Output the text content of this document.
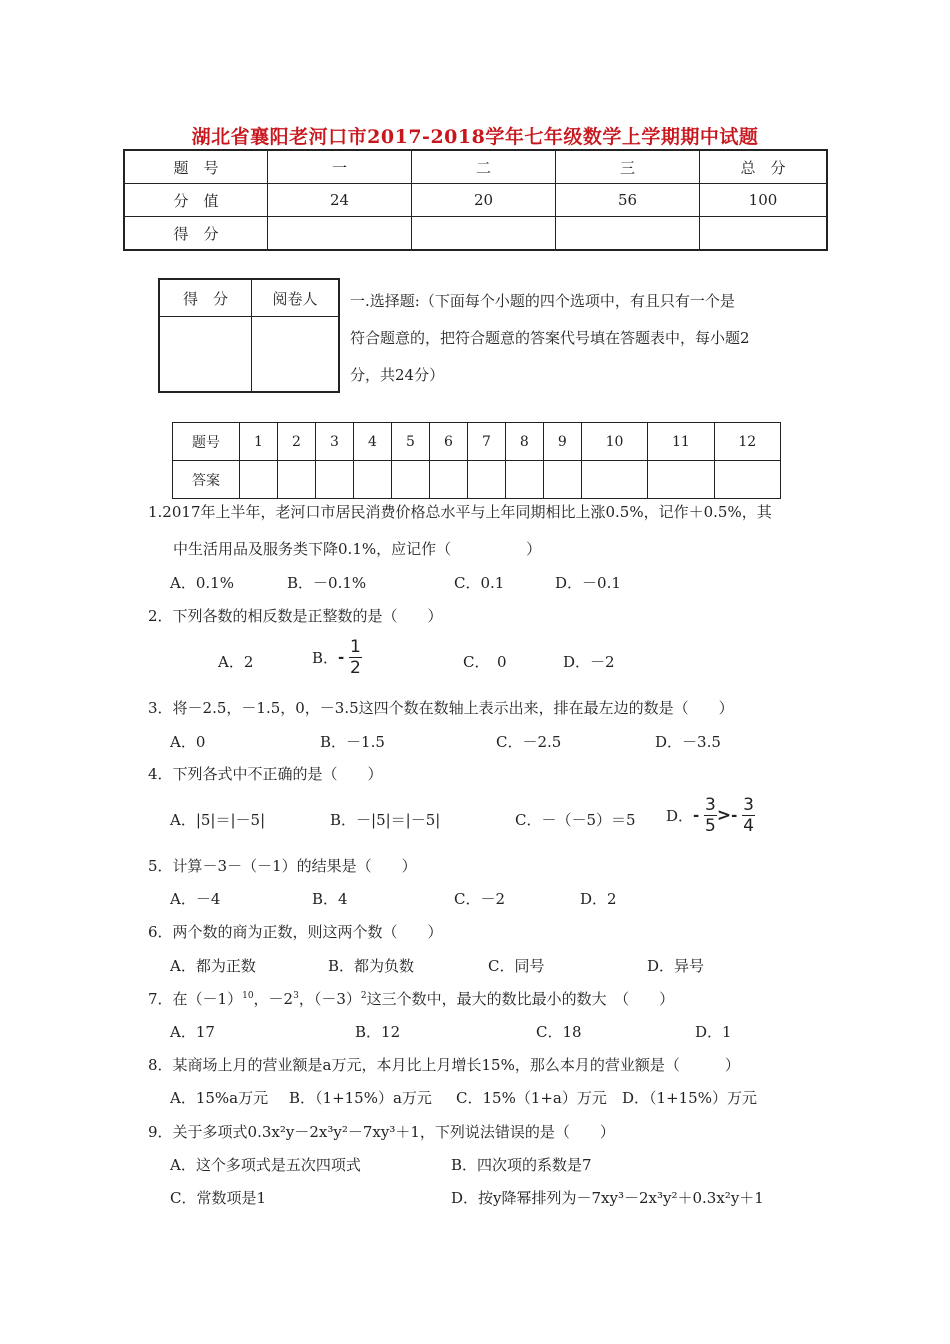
湖北省襄阳老河口市2017-2018学年七年级数学上学期期中试题
题　号	一	二	三	总　分
分　值	24	20	56	100
得　分				
得　分	阅卷人
	一.选择题:（下面每个小题的四个选项中，有且只有一个是
符合题意的，把符合题意的答案代号填在答题表中，每小题2
分，共24分）
题号	1	2	3	4	5	6	7	8	9	10	11	12
答案												
1.2017年上半年，老河口市居民消费价格总水平与上年同期相比上涨0.5%，记作＋0.5%，其
中生活用品及服务类下降0.1%，应记作（　　　　　）
A．0.1%	B．－0.1%	C．0.1	D．－0.1
2．下列各数的相反数是正整数的是（　　）
A．2	B．- $\frac{1}{2}$	C．　0	D．－2
3．将－2.5，－1.5，0，－3.5这四个数在数轴上表示出来，排在最左边的数是（　　）
A．0	B．－1.5	C．－2.5	D．－3.5
4．下列各式中不正确的是（　　）
A．|5|＝|－5|	B．－|5|＝|－5|	C．－（－5）＝5 D．- $\frac{3}{5} >- \frac{3}{4}$
5．计算－3－（－1）的结果是（　　）
A．－4	B．4	C．－2	D．2
6．两个数的商为正数，则这两个数（　　）
A．都为正数	B．都为负数	C．同号	D．异号
7．在$(-1)^{10}$，$-2^3$，$(-3)^2$这三个数中，最大的数比最小的数大　（　　）
A．17	B．12	C．18	D．1
8．某商场上月的营业额是a万元，本月比上月增长15%，那么本月的营业额是（　　　）
A．15%a万元 B．（1+15%）a万元 C．15%（1+a）万元 D．（1+15%）万元
9．关于多项式0.3x²y－2x³y²－7xy³＋1，下列说法错误的是（　　）
A．这个多项式是五次四项式	B．四次项的系数是7
C．常数项是1	D．按y降幂排列为－7xy³－2x³y²＋0.3x²y＋1
